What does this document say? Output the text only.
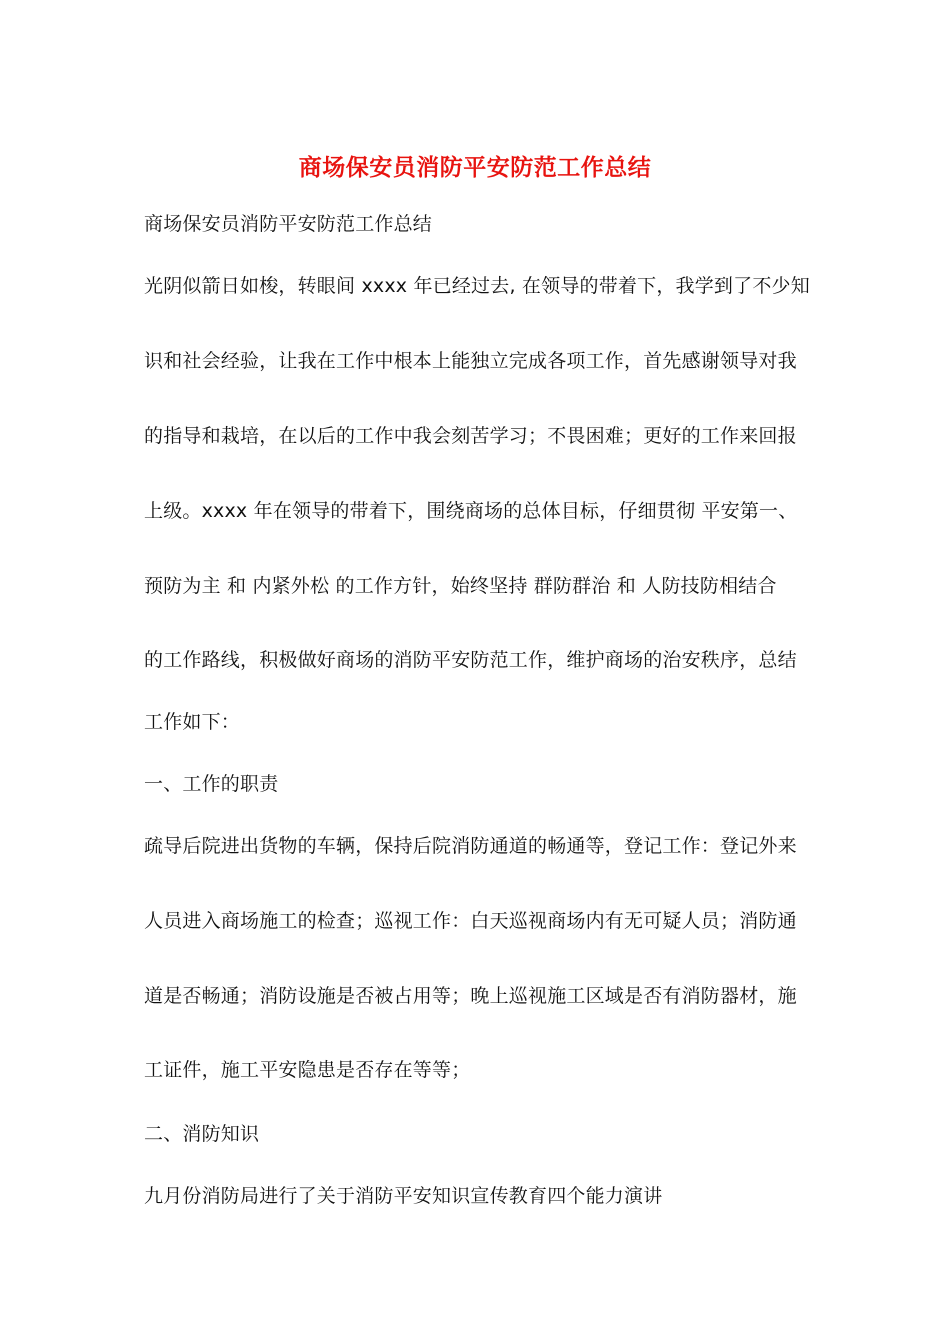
商场保安员消防平安防范工作总结
商场保安员消防平安防范工作总结
光阴似箭日如梭，转眼间 xxxx 年已经过去, 在领导的带着下，我学到了不少知
识和社会经验，让我在工作中根本上能独立完成各项工作，首先感谢领导对我
的指导和栽培，在以后的工作中我会刻苦学习；不畏困难；更好的工作来回报
上级。xxxx 年在领导的带着下，围绕商场的总体目标，仔细贯彻 平安第一、
预防为主 和 内紧外松 的工作方针，始终坚持 群防群治 和 人防技防相结合
的工作路线，积极做好商场的消防平安防范工作，维护商场的治安秩序，总结
工作如下：
一、工作的职责
疏导后院进出货物的车辆，保持后院消防通道的畅通等，登记工作：登记外来
人员进入商场施工的检查；巡视工作：白天巡视商场内有无可疑人员；消防通
道是否畅通；消防设施是否被占用等；晚上巡视施工区域是否有消防器材，施
工证件，施工平安隐患是否存在等等；
二、消防知识
九月份消防局进行了关于消防平安知识宣传教育四个能力演讲
